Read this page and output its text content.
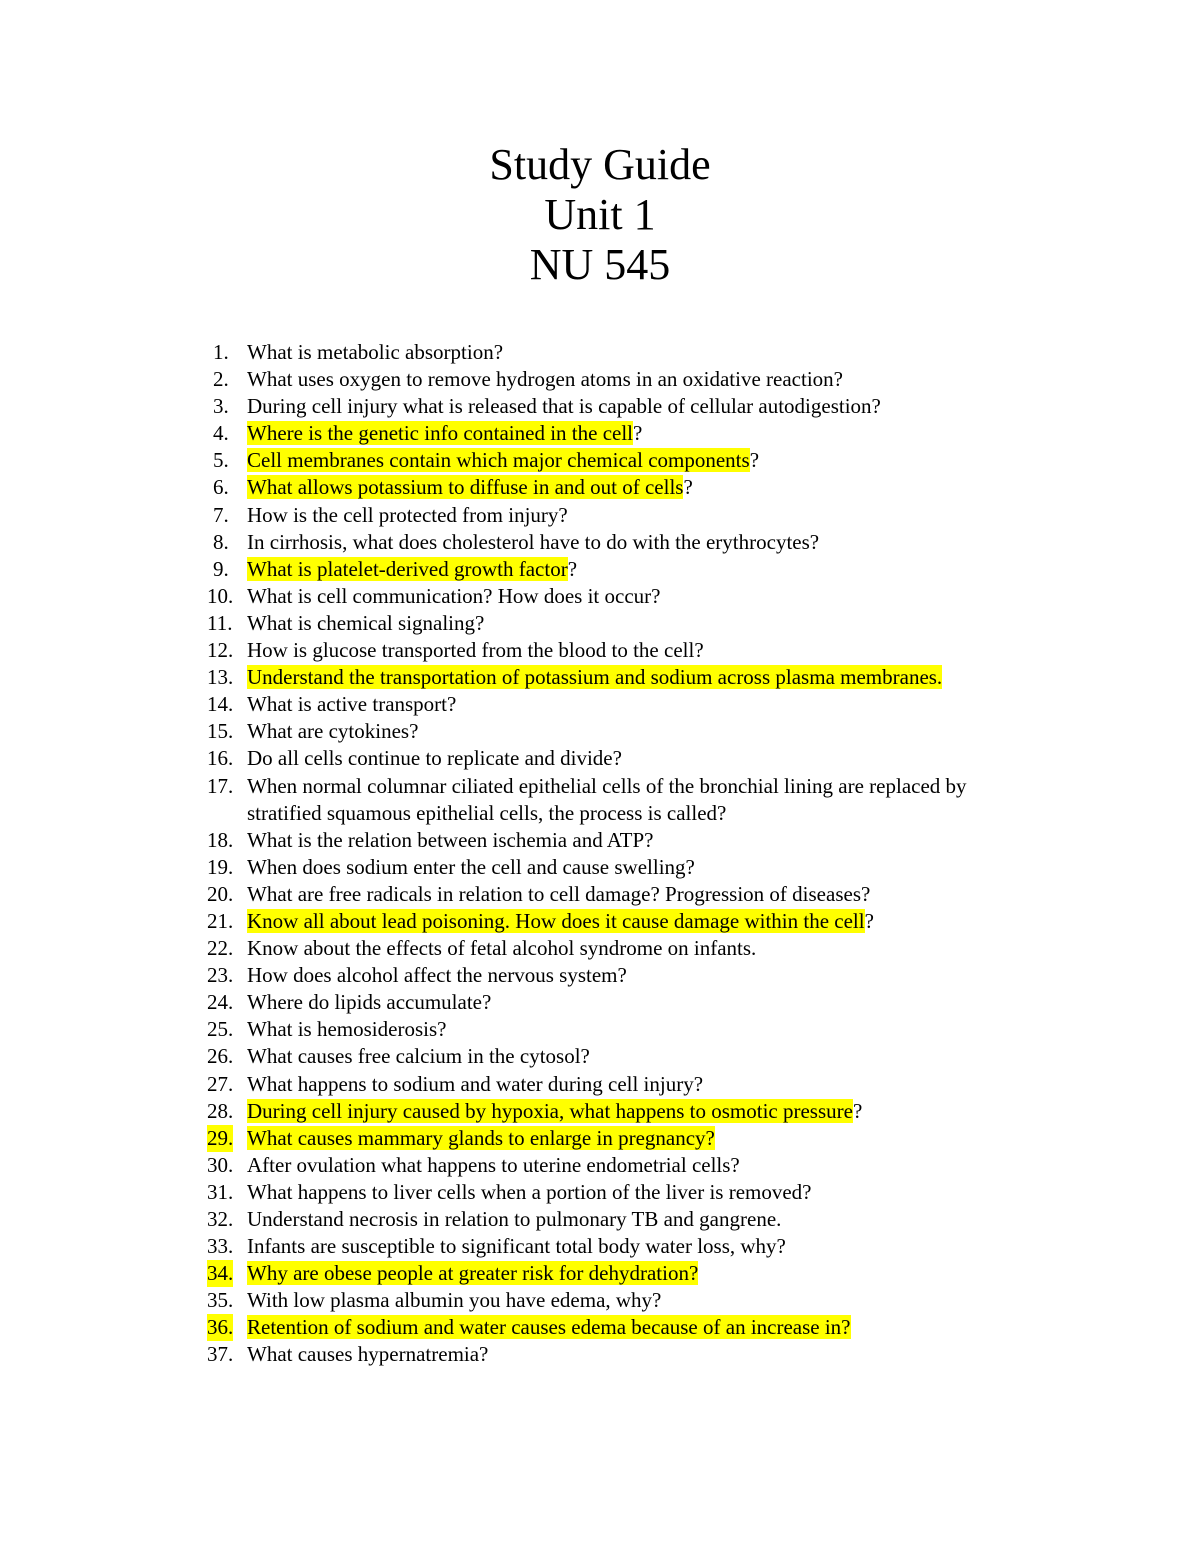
Study Guide
Unit 1
NU 545
1. What is metabolic absorption?
2. What uses oxygen to remove hydrogen atoms in an oxidative reaction?
3. During cell injury what is released that is capable of cellular autodigestion?
4. Where is the genetic info contained in the cell?
5. Cell membranes contain which major chemical components?
6. What allows potassium to diffuse in and out of cells?
7. How is the cell protected from injury?
8. In cirrhosis, what does cholesterol have to do with the erythrocytes?
9. What is platelet-derived growth factor?
10. What is cell communication? How does it occur?
11. What is chemical signaling?
12. How is glucose transported from the blood to the cell?
13. Understand the transportation of potassium and sodium across plasma membranes.
14. What is active transport?
15. What are cytokines?
16. Do all cells continue to replicate and divide?
17. When normal columnar ciliated epithelial cells of the bronchial lining are replaced by stratified squamous epithelial cells, the process is called?
18. What is the relation between ischemia and ATP?
19. When does sodium enter the cell and cause swelling?
20. What are free radicals in relation to cell damage? Progression of diseases?
21. Know all about lead poisoning. How does it cause damage within the cell?
22. Know about the effects of fetal alcohol syndrome on infants.
23. How does alcohol affect the nervous system?
24. Where do lipids accumulate?
25. What is hemosiderosis?
26. What causes free calcium in the cytosol?
27. What happens to sodium and water during cell injury?
28. During cell injury caused by hypoxia, what happens to osmotic pressure?
29. What causes mammary glands to enlarge in pregnancy?
30. After ovulation what happens to uterine endometrial cells?
31. What happens to liver cells when a portion of the liver is removed?
32. Understand necrosis in relation to pulmonary TB and gangrene.
33. Infants are susceptible to significant total body water loss, why?
34. Why are obese people at greater risk for dehydration?
35. With low plasma albumin you have edema, why?
36. Retention of sodium and water causes edema because of an increase in?
37. What causes hypernatremia?
